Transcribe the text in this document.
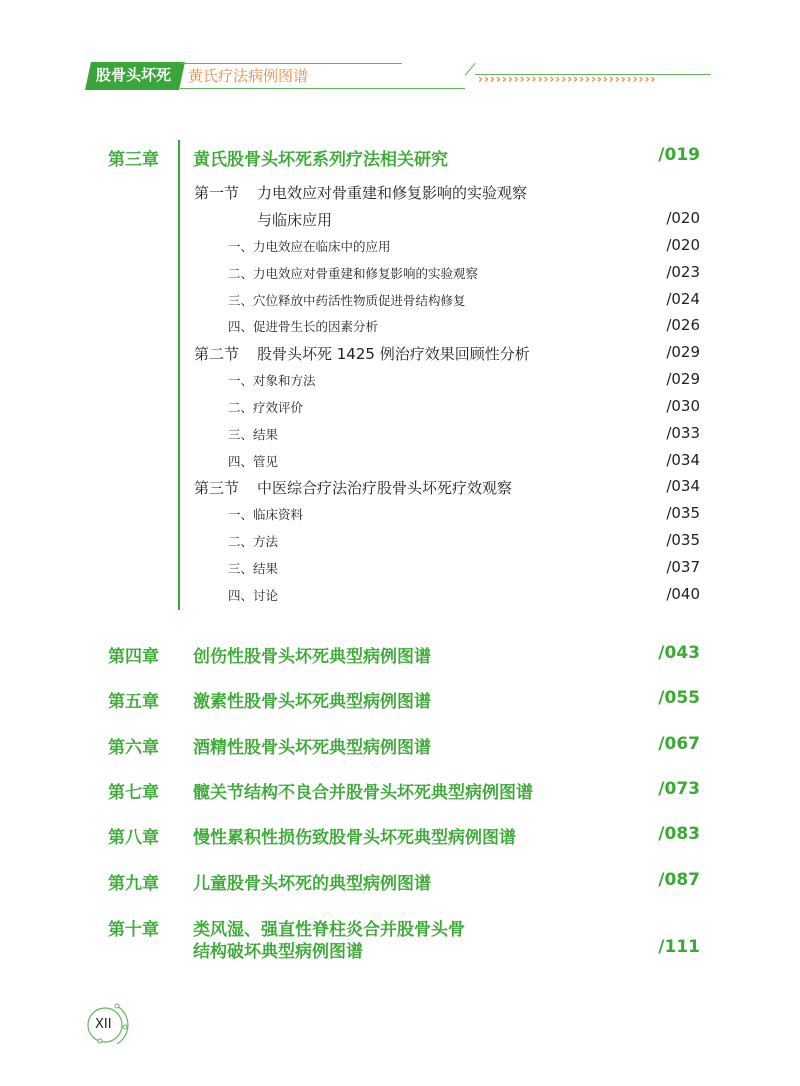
股骨头坏死 黄氏疗法病例图谱	››››››››››››››››››››››››››››››
第三章 黄氏股骨头坏死系列疗法相关研究	/019
第一节 力电效应对骨重建和修复影响的实验观察
与临床应用	/020
一、力电效应在临床中的应用	/020
二、力电效应对骨重建和修复影响的实验观察	/023
三、穴位释放中药活性物质促进骨结构修复	/024
四、促进骨生长的因素分析	/026
第二节 股骨头坏死 1425 例治疗效果回顾性分析	/029
一、对象和方法	/029
二、疗效评价	/030
三、结果	/033
四、管见	/034
第三节 中医综合疗法治疗股骨头坏死疗效观察	/034
一、临床资料	/035
二、方法	/035
三、结果	/037
四、讨论	/040
第四章 创伤性股骨头坏死典型病例图谱	/043
第五章 激素性股骨头坏死典型病例图谱	/055
第六章 酒精性股骨头坏死典型病例图谱	/067
第七章 髋关节结构不良合并股骨头坏死典型病例图谱	/073
第八章 慢性累积性损伤致股骨头坏死典型病例图谱	/083
第九章 儿童股骨头坏死的典型病例图谱	/087
第十章 类风湿、强直性脊柱炎合并股骨头骨
结构破坏典型病例图谱	/111
XII
